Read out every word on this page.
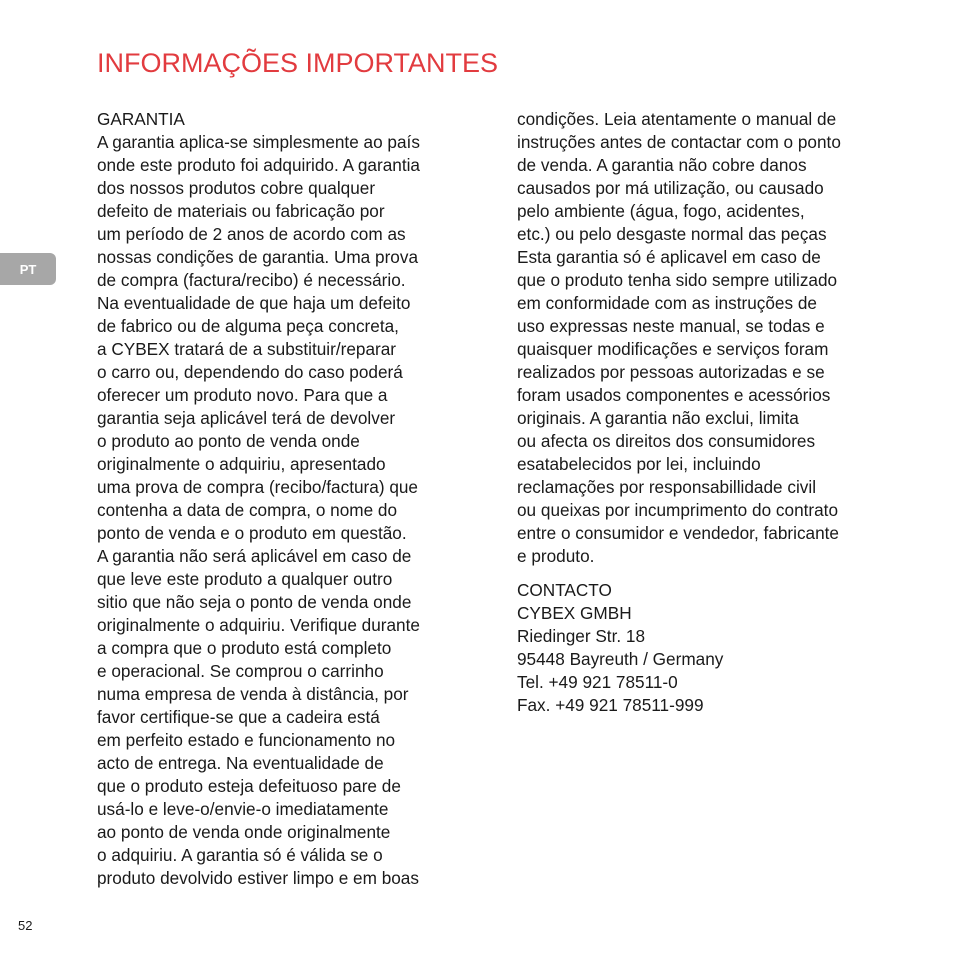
INFORMAÇÕES IMPORTANTES
PT
GARANTIA
A garantia aplica-se simplesmente ao país
onde este produto foi adquirido. A garantia
dos nossos produtos cobre qualquer
defeito de materiais ou fabricação por
um período de 2 anos de acordo com as
nossas condições de garantia. Uma prova
de compra (factura/recibo) é necessário.
Na eventualidade de que haja um defeito
de fabrico ou de alguma peça concreta,
a CYBEX tratará de a substituir/reparar
o carro ou, dependendo do caso poderá
oferecer um produto novo. Para que a
garantia seja aplicável terá de devolver
o produto ao ponto de venda onde
originalmente o adquiriu, apresentado
uma prova de compra (recibo/factura) que
contenha a data de compra, o nome do
ponto de venda e o produto em questão.
A garantia não será aplicável em caso de
que leve este produto a qualquer outro
sitio que não seja o ponto de venda onde
originalmente o adquiriu. Verifique durante
a compra que o produto está completo
e operacional. Se comprou o carrinho
numa empresa de venda à distância, por
favor certifique-se que a cadeira está
em perfeito estado e funcionamento no
acto de entrega. Na eventualidade de
que o produto esteja defeituoso pare de
usá-lo e leve-o/envie-o imediatamente
ao ponto de venda onde originalmente
o adquiriu. A garantia só é válida se o
produto devolvido estiver limpo e em boas
condições. Leia atentamente o manual de
instruções antes de contactar com o ponto
de venda. A garantia não cobre danos
causados por má utilização, ou causado
pelo ambiente (água, fogo, acidentes,
etc.) ou pelo desgaste normal das peças
Esta garantia só é aplicavel em caso de
que o produto tenha sido sempre utilizado
em conformidade com as instruções de
uso expressas neste manual, se todas e
quaisquer modificações e serviços foram
realizados por pessoas autorizadas e se
foram usados componentes e acessórios
originais. A garantia não exclui, limita
ou afecta os direitos dos consumidores
esatabelecidos por lei, incluindo
reclamações por responsabillidade civil
ou queixas por incumprimento do contrato
entre o consumidor e vendedor, fabricante
e produto.
CONTACTO
CYBEX GMBH
Riedinger Str. 18
95448 Bayreuth / Germany
Tel. +49 921 78511-0
Fax. +49 921 78511-999
52
